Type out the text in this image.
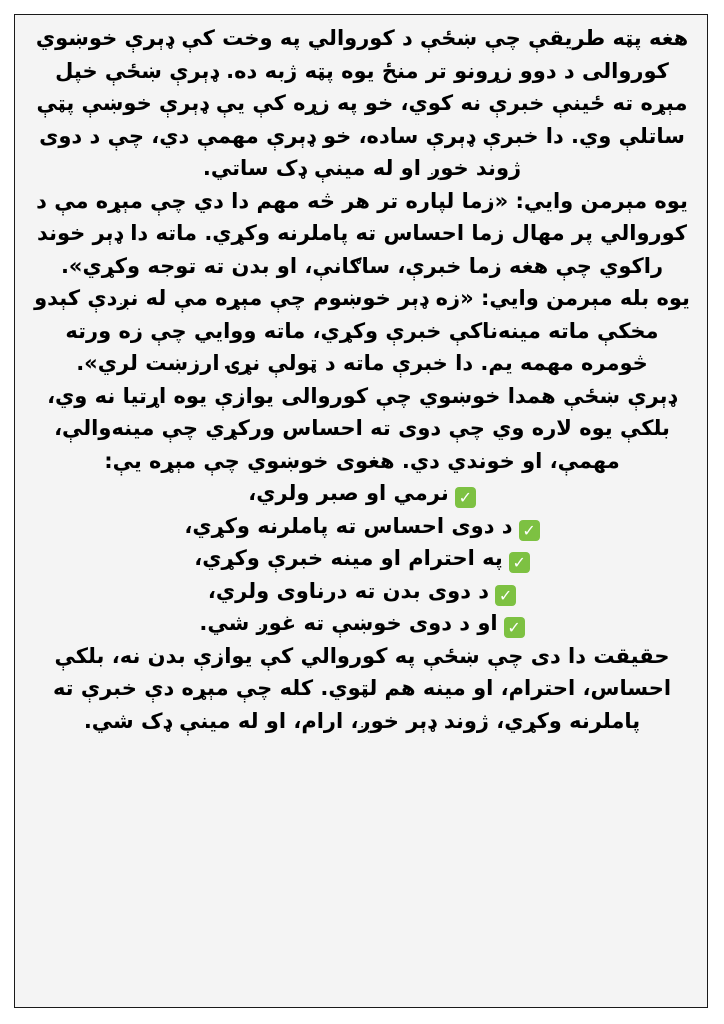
هغه پټه طريقې چې ښځې د کوروالي په وخت کې ډېرې خوښوي

کوروالی د دوو زړونو تر منځ یوه پټه ژبه ده. ډېرې ښځې خپل مېړه ته ځينې خبرې نه کوي، خو په زړه کې يې ډېرې خوښې پټې ساتلې وي. دا خبرې ډېرې ساده، خو ډېرې مهمې دي، چې د دوی ژوند خوږ او له مينې ډک ساتي.

یوه مېرمن وايي: «زما لپاره تر هر څه مهم دا دي چې مېړه مې د کوروالي پر مهال زما احساس ته پاملرنه وکړي. ماته دا ډېر خوند راکوي چې هغه زما خبرې، ساګانې، او بدن ته توجه وکړي».

یوه بله مېرمن وايي: «زه ډېر خوښوم چې مېړه مې له نږدې کېدو مخکې ماته مينه‌ناکې خبرې وکړي، ماته ووايي چې زه ورته څومره مهمه يم. دا خبرې ماته د ټولې نړۍ ارزښت لري».

ډېرې ښځې همدا خوښوي چې کوروالی یوازې يوه اړتيا نه وي، بلکې يوه لاره وي چې دوی ته احساس ورکړي چې مينه‌والې، مهمې، او خوندي دي. هغوی خوښوي چې مېړه يې:

✓نرمي او صبر ولري،
✓د دوی احساس ته پاملرنه وکړي،
✓په احترام او مينه خبرې وکړي،
✓د دوی بدن ته درناوی ولري،
✓او د دوی خوښې ته غوږ شي.

حقيقت دا دی چې ښځې په کوروالي کې يوازې بدن نه، بلکې احساس، احترام، او مينه هم لټوي. کله چې مېړه دې خبرې ته پاملرنه وکړي، ژوند ډېر خوږ، ارام، او له مينې ډک شي.
